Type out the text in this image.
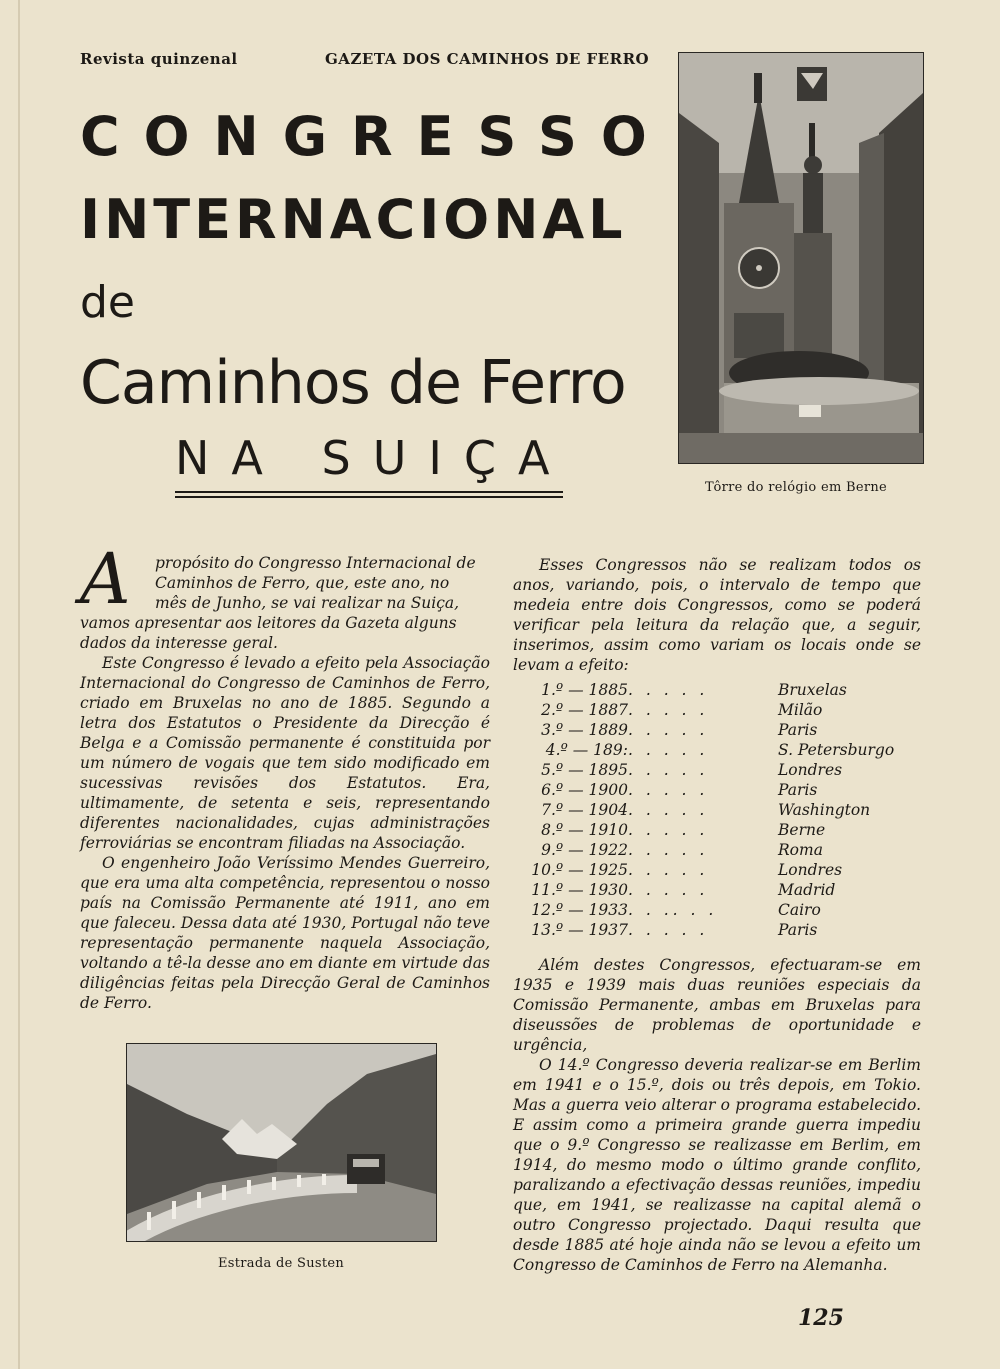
Revista quinzenal	GAZETA DOS CAMINHOS DE FERRO
CONGRESSO
INTERNACIONAL
de
Caminhos de Ferro
NA SUIÇA
Tôrre do relógio em Berne
A	propósito do Congresso Internacional de
Caminhos de Ferro, que, este ano, no
mês de Junho, se vai realizar na Suiça,
vamos apresentar aos leitores da Gazeta alguns
dados da interesse geral.

Este Congresso é levado a efeito pela Associação Internacional do Congresso de Caminhos de Ferro, criado em Bruxelas no ano de 1885. Segundo a letra dos Estatutos o Presidente da Direcção é Belga e a Comissão permanente é constituida por um número de vogais que tem sido modificado em sucessivas revisões dos Estatutos. Era, ultimamente, de setenta e seis, representando diferentes nacionalidades, cujas administrações ferroviárias se encontram filiadas na Associação.

O engenheiro João Veríssimo Mendes Guerreiro, que era uma alta competência, representou o nosso país na Comissão Permanente até 1911, ano em que faleceu. Dessa data até 1930, Portugal não teve representação permanente naquela Associação, voltando a tê-la desse ano em diante em virtude das diligências feitas pela Direcção Geral de Caminhos de Ferro.

Estrada de Susten

Esses Congressos não se realizam todos os anos, variando, pois, o intervalo de tempo que medeia entre dois Congressos, como se poderá verificar pela leitura da relação que, a seguir, inserimos, assim como variam os locais onde se levam a efeito:

1.º — 1885	. . . . .	Bruxelas
2.º — 1887	. . . . .	Milão
3.º — 1889	. . . . .	Paris
4.º — 189:	. . . . .	S. Petersburgo
5.º — 1895	. . . . .	Londres
6.º — 1900	. . . . .	Paris
7.º — 1904	. . . . .	Washington
8.º — 1910	. . . . .	Berne
9.º — 1922	. . . . .	Roma
10.º — 1925	. . . . .	Londres
11.º — 1930	. . . . .	Madrid
12.º — 1933	. . .. . .	Cairo
13.º — 1937	. . . . .	Paris

Além destes Congressos, efectuaram-se em 1935 e 1939 mais duas reuniões especiais da Comissão Permanente, ambas em Bruxelas para diseussões de problemas de oportunidade e urgência,

O 14.º Congresso deveria realizar-se em Berlim em 1941 e o 15.º, dois ou três depois, em Tokio. Mas a guerra veio alterar o programa estabelecido. E assim como a primeira grande guerra impediu que o 9.º Congresso se realizasse em Berlim, em 1914, do mesmo modo o último grande conflito, paralizando a efectivação dessas reuniões, impediu que, em 1941, se realizasse na capital alemã o outro Congresso projectado. Daqui resulta que desde 1885 até hoje ainda não se levou a efeito um Congresso de Caminhos de Ferro na Alemanha.

125
